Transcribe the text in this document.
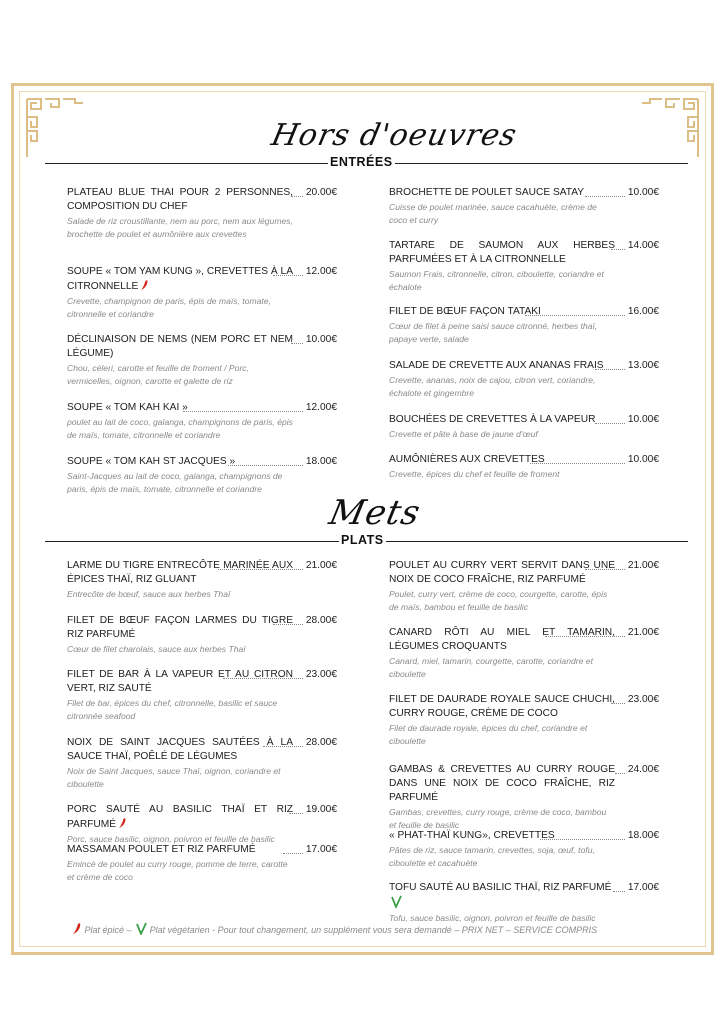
Hors d'oeuvres
ENTRÉES
Mets
PLATS
PLATEAU BLUE THAI POUR 2 PERSONNES, COMPOSITION DU CHEF
20.00€
Salade de riz croustillante, nem au porc, nem aux légumes, brochette de poulet et aumônière aux crevettes
SOUPE « TOM YAM KUNG », CREVETTES À LA CITRONNELLE
12.00€
Crevette, champignon de paris, épis de maïs, tomate, citronnelle et coriandre
DÉCLINAISON DE NEMS (NEM PORC ET NEM LÉGUME)
10.00€
Chou, céleri, carotte et feuille de froment / Porc, vermicelles, oignon, carotte et galette de riz
SOUPE « TOM KAH KAI »	12.00€
poulet au lait de coco, galanga, champignons de paris, épis de maïs, tomate, citronnelle et coriandre
SOUPE « TOM KAH ST JACQUES »	18.00€
Saint-Jacques au lait de coco, galanga, champignons de paris, épis de maïs, tomate, citronnelle et coriandre
BROCHETTE DE POULET SAUCE SATAY	10.00€
Cuisse de poulet marinée, sauce cacahuète, crème de coco et curry
TARTARE DE SAUMON AUX HERBES PARFUMÉES ET À LA CITRONNELLE
14.00€
Saumon Frais, citronnelle, citron, ciboulette, coriandre et échalote
FILET DE BŒUF FAÇON TATAKI	16.00€
Cœur de filet à peine saisi sauce citronné, herbes thaï, papaye verte, salade
SALADE DE CREVETTE AUX ANANAS FRAIS	13.00€
Crevette, ananas, noix de cajou, citron vert, coriandre, échalote et gingembre
BOUCHÉES DE CREVETTES À LA VAPEUR	10.00€
Crevette et pâte à base de jaune d'œuf
AUMÔNIÈRES AUX CREVETTES	10.00€
Crevette, épices du chef et feuille de froment
LARME DU TIGRE ENTRECÔTE MARINÉE AUX ÉPICES THAÏ, RIZ GLUANT
21.00€
Entrecôte de bœuf, sauce aux herbes Thaï
FILET DE BŒUF FAÇON LARMES DU TIGRE RIZ PARFUMÉ
28.00€
Cœur de filet charolais, sauce aux herbes Thaï
FILET DE BAR À LA VAPEUR ET AU CITRON VERT, RIZ SAUTÉ
23.00€
Filet de bar, épices du chef, citronnelle, basilic et sauce citronnée seafood
NOIX DE SAINT JACQUES SAUTÉES À LA SAUCE THAÏ, POÊLÉ DE LÉGUMES
28.00€
Noix de Saint Jacques, sauce Thaï, oignon, coriandre et ciboulette
PORC SAUTÉ AU BASILIC THAÏ ET RIZ PARFUMÉ
19.00€
Porc, sauce basilic, oignon, poivron et feuille de basilic
MASSAMAN POULET ET RIZ PARFUMÉ	17.00€
Emincé de poulet au curry rouge, pomme de terre, carotte et crème de coco
POULET AU CURRY VERT SERVIT DANS UNE NOIX DE COCO FRAÎCHE, RIZ PARFUMÉ
21.00€
Poulet, curry vert, crème de coco, courgette, carotte, épis de maïs, bambou et feuille de basilic
CANARD RÔTI AU MIEL ET TAMARIN, LÉGUMES CROQUANTS
21.00€
Canard, miel, tamarin, courgette, carotte, coriandre et ciboulette
FILET DE DAURADE ROYALE SAUCE CHUCHI, CURRY ROUGE, CRÈME DE COCO
23.00€
Filet de daurade royale, épices du chef, coriandre et ciboulette
GAMBAS & CREVETTES AU CURRY ROUGE DANS UNE NOIX DE COCO FRAÎCHE, RIZ PARFUMÉ
24.00€
Gambas, crevettes, curry rouge, crème de coco, bambou et feuille de basilic
« PHAT-THAÏ KUNG», CREVETTES	18.00€
Pâtes de riz, sauce tamarin, crevettes, soja, œuf, tofu, ciboulette et cacahuète
TOFU SAUTÉ AU BASILIC THAÏ, RIZ PARFUMÉ	17.00€
Tofu, sauce basilic, oignon, poivron et feuille de basilic
Plat épicé – Plat végétarien - Pour tout changement, un supplément vous sera demandé – PRIX NET – SERVICE COMPRIS
